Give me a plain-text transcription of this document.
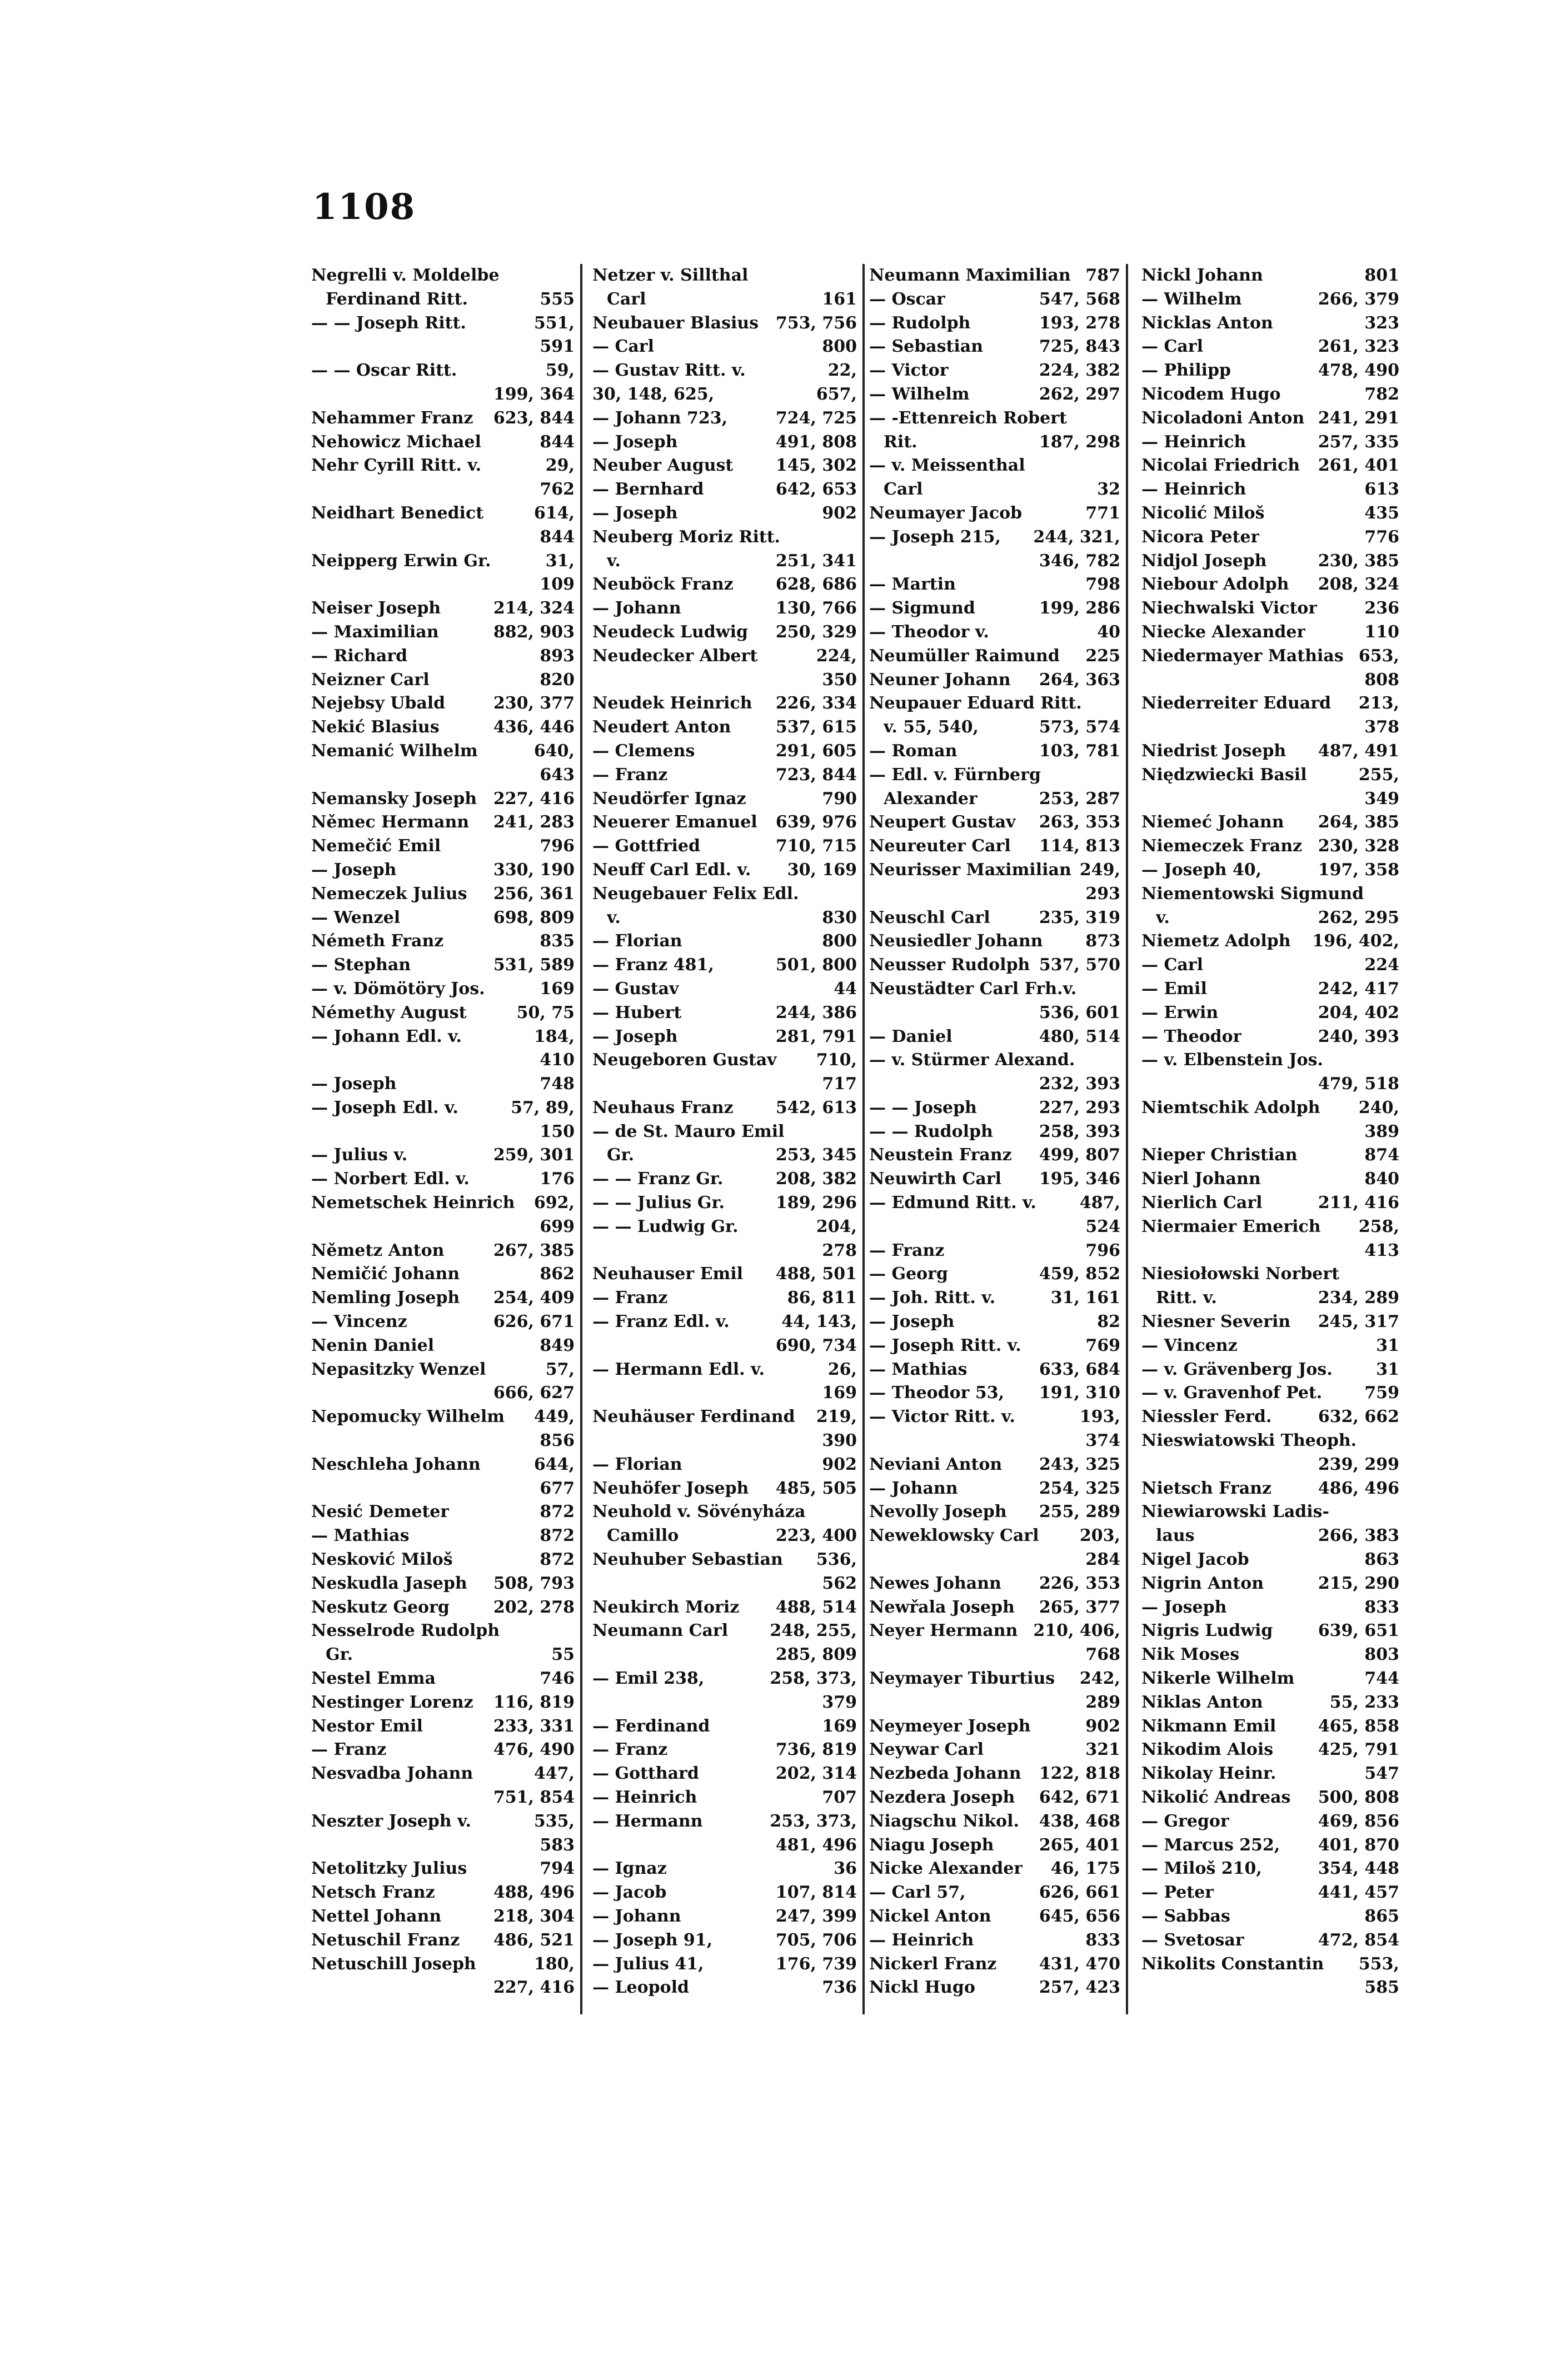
1108
Negrelli v. Moldelbe
Ferdinand Ritt.	555
— — Joseph Ritt.	551,
591
— — Oscar Ritt.	59,
199, 364
Nehammer Franz 623, 844
Nehowicz Michael	844
Nehr Cyrill Ritt. v.	29,
762
Neidhart Benedict	614,
844
Neipperg Erwin Gr.	31,
109
Neiser Joseph	214, 324
— Maximilian	882, 903
— Richard	893
Neizner Carl	820
Nejebsy Ubald	230, 377
Nekić Blasius	436, 446
Nemanić Wilhelm	640,
643
Nemansky Joseph 227, 416
Němec Hermann 241, 283
Nemečić Emil	796
— Joseph	330, 190
Nemeczek Julius 256, 361
— Wenzel	698, 809
Németh Franz	835
— Stephan	531, 589
— v. Dömötöry Jos.	169
Némethy August	50, 75
— Johann Edl. v.	184,
410
— Joseph	748
— Joseph Edl. v.	57, 89,
150
— Julius v.	259, 301
— Norbert Edl. v.	176
Nemetschek Heinrich 692,
699
Němetz Anton	267, 385
Nemičić Johann	862
Nemling Joseph 254, 409
— Vincenz	626, 671
Nenin Daniel	849
Nepasitzky Wenzel	57,
666, 627
Nepomucky Wilhelm 449,
856
Neschleha Johann	644,
677
Nesić Demeter	872
— Mathias	872
Nesković Miloš	872
Neskudla Jaseph 508, 793
Neskutz Georg	202, 278
Nesselrode Rudolph
Gr.	55
Nestel Emma	746
Nestinger Lorenz 116, 819
Nestor Emil	233, 331
— Franz	476, 490
Nesvadba Johann	447,
751, 854
Neszter Joseph v.	535,
583
Netolitzky Julius	794
Netsch Franz	488, 496
Nettel Johann	218, 304
Netuschil Franz 486, 521
Netuschill Joseph	180,
227, 416
Netzer v. Sillthal
Carl	161
Neubauer Blasius 753, 756
— Carl	800
— Gustav Ritt. v.	22,
30, 148, 625,	657,
— Johann 723,	724, 725
— Joseph	491, 808
Neuber August	145, 302
— Bernhard	642, 653
— Joseph	902
Neuberg Moriz Ritt.
v.	251, 341
Neuböck Franz	628, 686
— Johann	130, 766
Neudeck Ludwig 250, 329
Neudecker Albert	224,
350
Neudek Heinrich 226, 334
Neudert Anton	537, 615
— Clemens	291, 605
— Franz	723, 844
Neudörfer Ignaz	790
Neuerer Emanuel 639, 976
— Gottfried	710, 715
Neuff Carl Edl. v. 30, 169
Neugebauer Felix Edl.
v.	830
— Florian	800
— Franz 481,	501, 800
— Gustav	44
— Hubert	244, 386
— Joseph	281, 791
Neugeboren Gustav 710,
717
Neuhaus Franz	542, 613
— de St. Mauro Emil
Gr.	253, 345
— — Franz Gr.	208, 382
— — Julius Gr.	189, 296
— — Ludwig Gr.	204,
278
Neuhauser Emil 488, 501
— Franz	86, 811
— Franz Edl. v.	44, 143,
690, 734
— Hermann Edl. v.	26,
169
Neuhäuser Ferdinand 219,
390
— Florian	902
Neuhöfer Joseph 485, 505
Neuhold v. Sövényháza
Camillo	223, 400
Neuhuber Sebastian 536,
562
Neukirch Moriz 488, 514
Neumann Carl	248, 255,
285, 809
— Emil 238,	258, 373,
379
— Ferdinand	169
— Franz	736, 819
— Gotthard	202, 314
— Heinrich	707
— Hermann	253, 373,
481, 496
— Ignaz	36
— Jacob	107, 814
— Johann	247, 399
— Joseph 91,	705, 706
— Julius 41,	176, 739
— Leopold	736
Neumann Maximilian 787
— Oscar	547, 568
— Rudolph	193, 278
— Sebastian	725, 843
— Victor	224, 382
— Wilhelm	262, 297
— -Ettenreich Robert
Rit.	187, 298
— v. Meissenthal
Carl	32
Neumayer Jacob	771
— Joseph 215, 244, 321,
346, 782
— Martin	798
— Sigmund	199, 286
— Theodor v.	40
Neumüller Raimund 225
Neuner Johann 264, 363
Neupauer Eduard Ritt.
v. 55, 540,	573, 574
— Roman	103, 781
— Edl. v. Fürnberg
Alexander	253, 287
Neupert Gustav 263, 353
Neureuter Carl 114, 813
Neurisser Maximilian 249,
293
Neuschl Carl	235, 319
Neusiedler Johann	873
Neusser Rudolph 537, 570
Neustädter Carl Frh.v.
536, 601
— Daniel	480, 514
— v. Stürmer Alexand.
232, 393
— — Joseph	227, 293
— — Rudolph	258, 393
Neustein Franz 499, 807
Neuwirth Carl 195, 346
— Edmund Ritt. v.	487,
524
— Franz	796
— Georg	459, 852
— Joh. Ritt. v.	31, 161
— Joseph	82
— Joseph Ritt. v.	769
— Mathias	633, 684
— Theodor 53, 191, 310
— Victor Ritt. v.	193,
374
Neviani Anton 243, 325
— Johann	254, 325
Nevolly Joseph 255, 289
Neweklowsky Carl 203,
284
Newes Johann 226, 353
Newřala Joseph 265, 377
Neyer Hermann 210, 406,
768
Neymayer Tiburtius 242,
289
Neymeyer Joseph	902
Neywar Carl	321
Nezbeda Johann 122, 818
Nezdera Joseph 642, 671
Niagschu Nikol. 438, 468
Niagu Joseph	265, 401
Nicke Alexander 46, 175
— Carl 57,	626, 661
Nickel Anton	645, 656
— Heinrich	833
Nickerl Franz	431, 470
Nickl Hugo	257, 423
Nickl Johann	801
— Wilhelm	266, 379
Nicklas Anton	323
— Carl	261, 323
— Philipp	478, 490
Nicodem Hugo	782
Nicoladoni Anton 241, 291
— Heinrich	257, 335
Nicolai Friedrich 261, 401
— Heinrich	613
Nicolić Miloš	435
Nicora Peter	776
Nidjol Joseph	230, 385
Niebour Adolph 208, 324
Niechwalski Victor	236
Niecke Alexander	110
Niedermayer Mathias 653,
808
Niederreiter Eduard 213,
378
Niedrist Joseph 487, 491
Niędzwiecki Basil	255,
349
Niemeć Johann 264, 385
Niemeczek Franz 230, 328
— Joseph 40,	197, 358
Niementowski Sigmund
v.	262, 295
Niemetz Adolph 196, 402,
— Carl	224
— Emil	242, 417
— Erwin	204, 402
— Theodor	240, 393
— v. Elbenstein Jos.
479, 518
Niemtschik Adolph 240,
389
Nieper Christian	874
Nierl Johann	840
Nierlich Carl	211, 416
Niermaier Emerich 258,
413
Niesiołowski Norbert
Ritt. v.	234, 289
Niesner Severin 245, 317
— Vincenz	31
— v. Grävenberg Jos.	31
— v. Gravenhof Pet.	759
Niessler Ferd.	632, 662
Nieswiatowski Theoph.
239, 299
Nietsch Franz	486, 496
Niewiarowski Ladis-
laus	266, 383
Nigel Jacob	863
Nigrin Anton	215, 290
— Joseph	833
Nigris Ludwig	639, 651
Nik Moses	803
Nikerle Wilhelm	744
Niklas Anton	55, 233
Nikmann Emil	465, 858
Nikodim Alois	425, 791
Nikolay Heinr.	547
Nikolić Andreas 500, 808
— Gregor	469, 856
— Marcus 252, 401, 870
— Miloš 210,	354, 448
— Peter	441, 457
— Sabbas	865
— Svetosar	472, 854
Nikolits Constantin 553,
585
